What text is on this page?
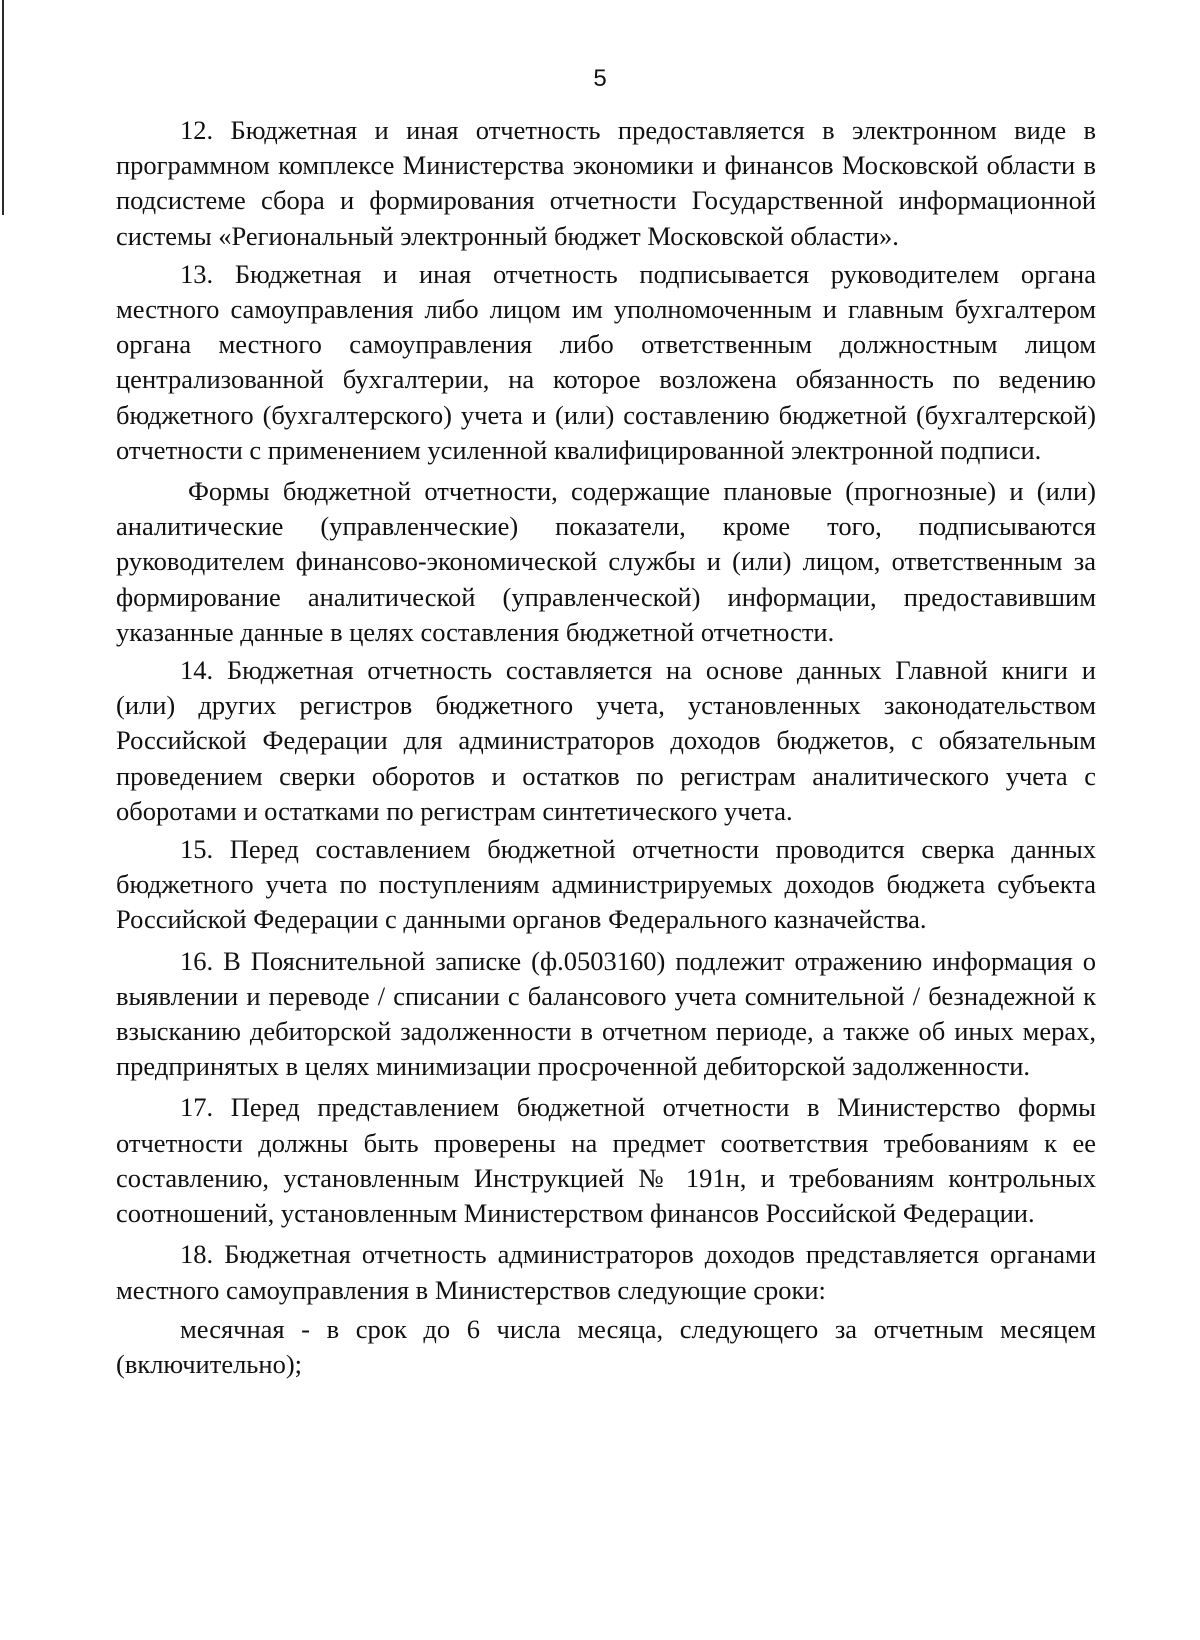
5

12. Бюджетная и иная отчетность предоставляется в электронном виде в программном комплексе Министерства экономики и финансов Московской области в подсистеме сбора и формирования отчетности Государственной информационной системы «Региональный электронный бюджет Московской области».

13. Бюджетная и иная отчетность подписывается руководителем органа местного самоуправления либо лицом им уполномоченным и главным бухгалтером органа местного самоуправления либо ответственным должностным лицом централизованной бухгалтерии, на которое возложена обязанность по ведению бюджетного (бухгалтерского) учета и (или) составлению бюджетной (бухгалтерской) отчетности с применением усиленной квалифицированной электронной подписи.

Формы бюджетной отчетности, содержащие плановые (прогнозные) и (или) аналитические (управленческие) показатели, кроме того, подписываются руководителем финансово-экономической службы и (или) лицом, ответственным за формирование аналитической (управленческой) информации, предоставившим указанные данные в целях составления бюджетной отчетности.

14. Бюджетная отчетность составляется на основе данных Главной книги и (или) других регистров бюджетного учета, установленных законодательством Российской Федерации для администраторов доходов бюджетов, с обязательным проведением сверки оборотов и остатков по регистрам аналитического учета с оборотами и остатками по регистрам синтетического учета.

15. Перед составлением бюджетной отчетности проводится сверка данных бюджетного учета по поступлениям администрируемых доходов бюджета субъекта Российской Федерации с данными органов Федерального казначейства.

16. В Пояснительной записке (ф.0503160) подлежит отражению информация о выявлении и переводе / списании с балансового учета сомнительной / безнадежной к взысканию дебиторской задолженности в отчетном периоде, а также об иных мерах, предпринятых в целях минимизации просроченной дебиторской задолженности.

17. Перед представлением бюджетной отчетности в Министерство формы отчетности должны быть проверены на предмет соответствия требованиям к ее составлению, установленным Инструкцией № 191н, и требованиям контрольных соотношений, установленным Министерством финансов Российской Федерации.

18. Бюджетная отчетность администраторов доходов представляется органами местного самоуправления в Министерствов следующие сроки:

месячная - в срок до 6 числа месяца, следующего за отчетным месяцем (включительно);
